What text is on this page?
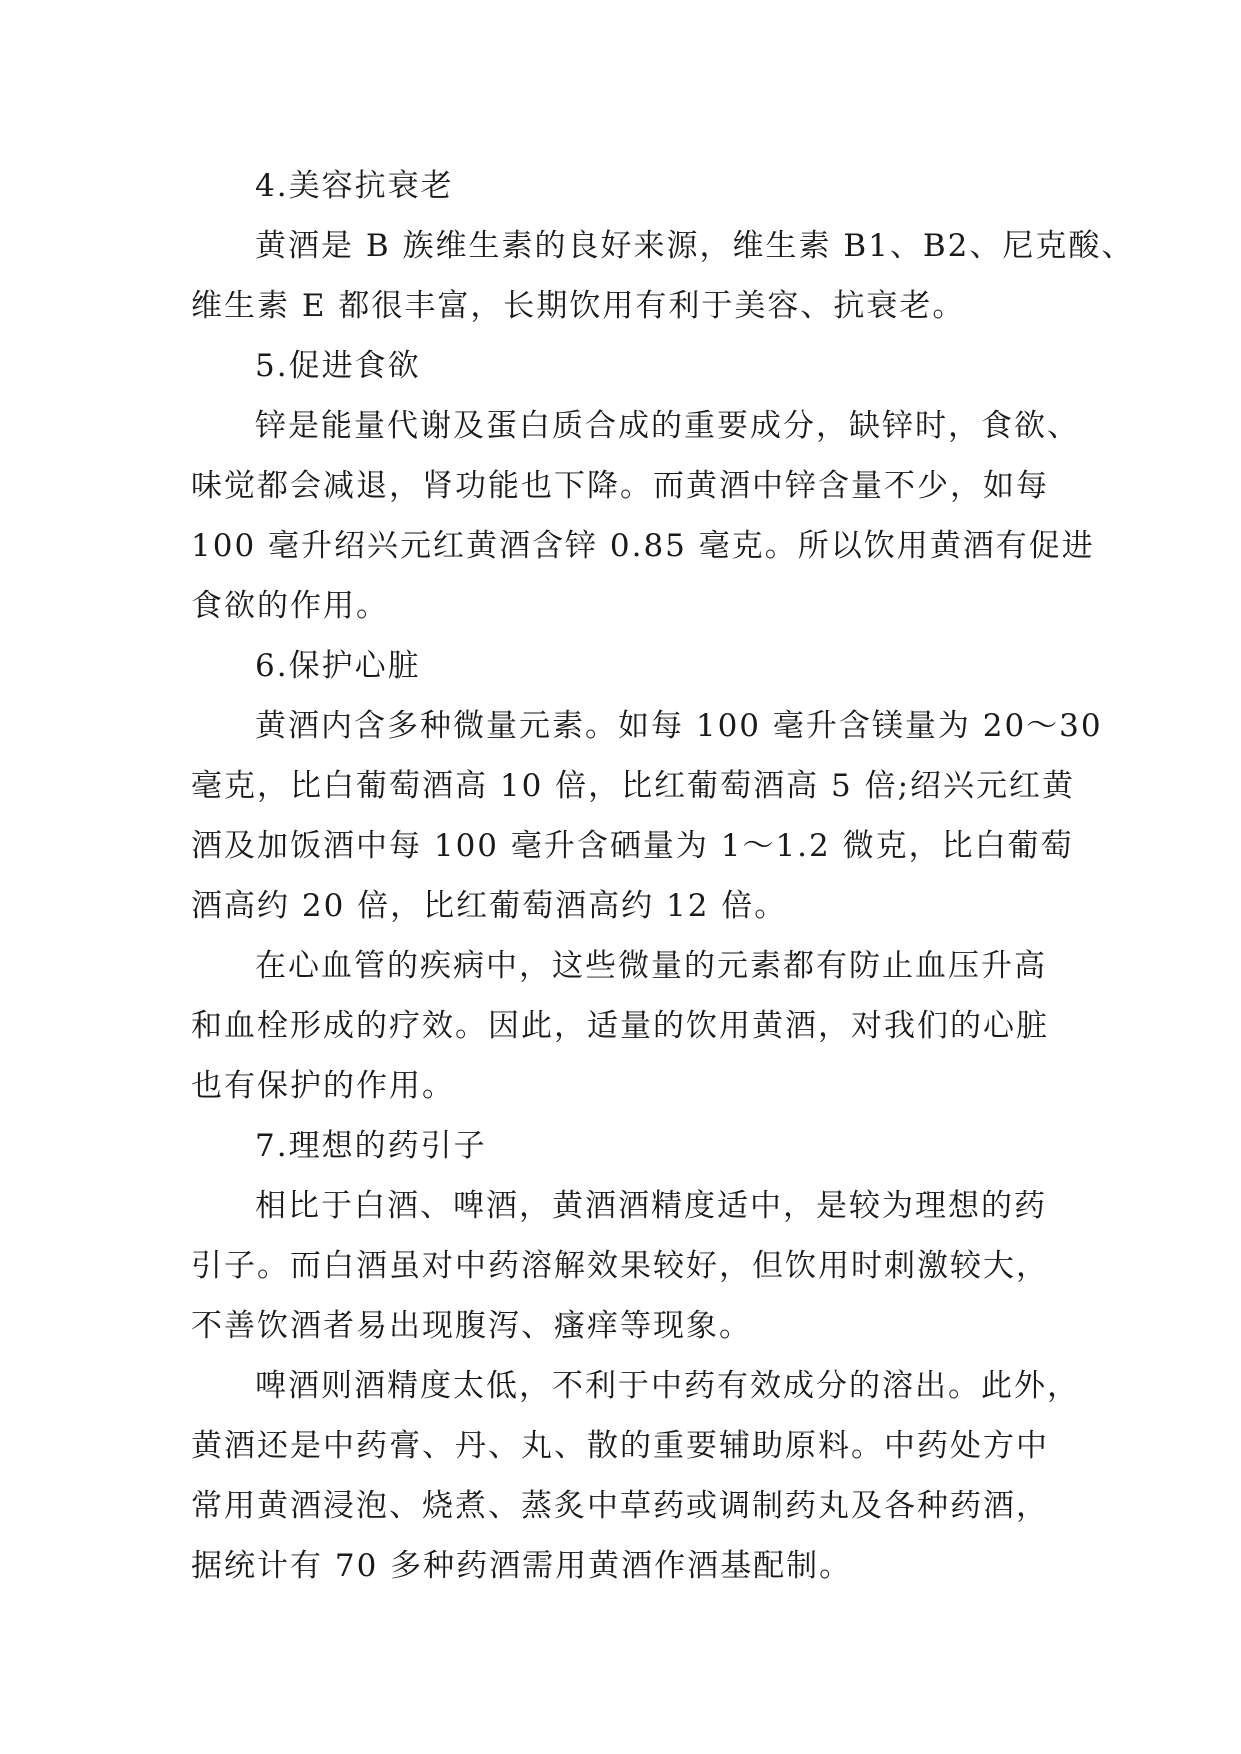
4.美容抗衰老
黄酒是 B 族维生素的良好来源，维生素 B1、B2、尼克酸、
维生素 E 都很丰富，长期饮用有利于美容、抗衰老。
5.促进食欲
锌是能量代谢及蛋白质合成的重要成分，缺锌时，食欲、
味觉都会减退，肾功能也下降。而黄酒中锌含量不少，如每
100 毫升绍兴元红黄酒含锌 0.85 毫克。所以饮用黄酒有促进
食欲的作用。
6.保护心脏
黄酒内含多种微量元素。如每 100 毫升含镁量为 20～30
毫克，比白葡萄酒高 10 倍，比红葡萄酒高 5 倍;绍兴元红黄
酒及加饭酒中每 100 毫升含硒量为 1～1.2 微克，比白葡萄
酒高约 20 倍，比红葡萄酒高约 12 倍。
在心血管的疾病中，这些微量的元素都有防止血压升高
和血栓形成的疗效。因此，适量的饮用黄酒，对我们的心脏
也有保护的作用。
7.理想的药引子
相比于白酒、啤酒，黄酒酒精度适中，是较为理想的药
引子。而白酒虽对中药溶解效果较好，但饮用时刺激较大，
不善饮酒者易出现腹泻、瘙痒等现象。
啤酒则酒精度太低，不利于中药有效成分的溶出。此外，
黄酒还是中药膏、丹、丸、散的重要辅助原料。中药处方中
常用黄酒浸泡、烧煮、蒸炙中草药或调制药丸及各种药酒，
据统计有 70 多种药酒需用黄酒作酒基配制。
